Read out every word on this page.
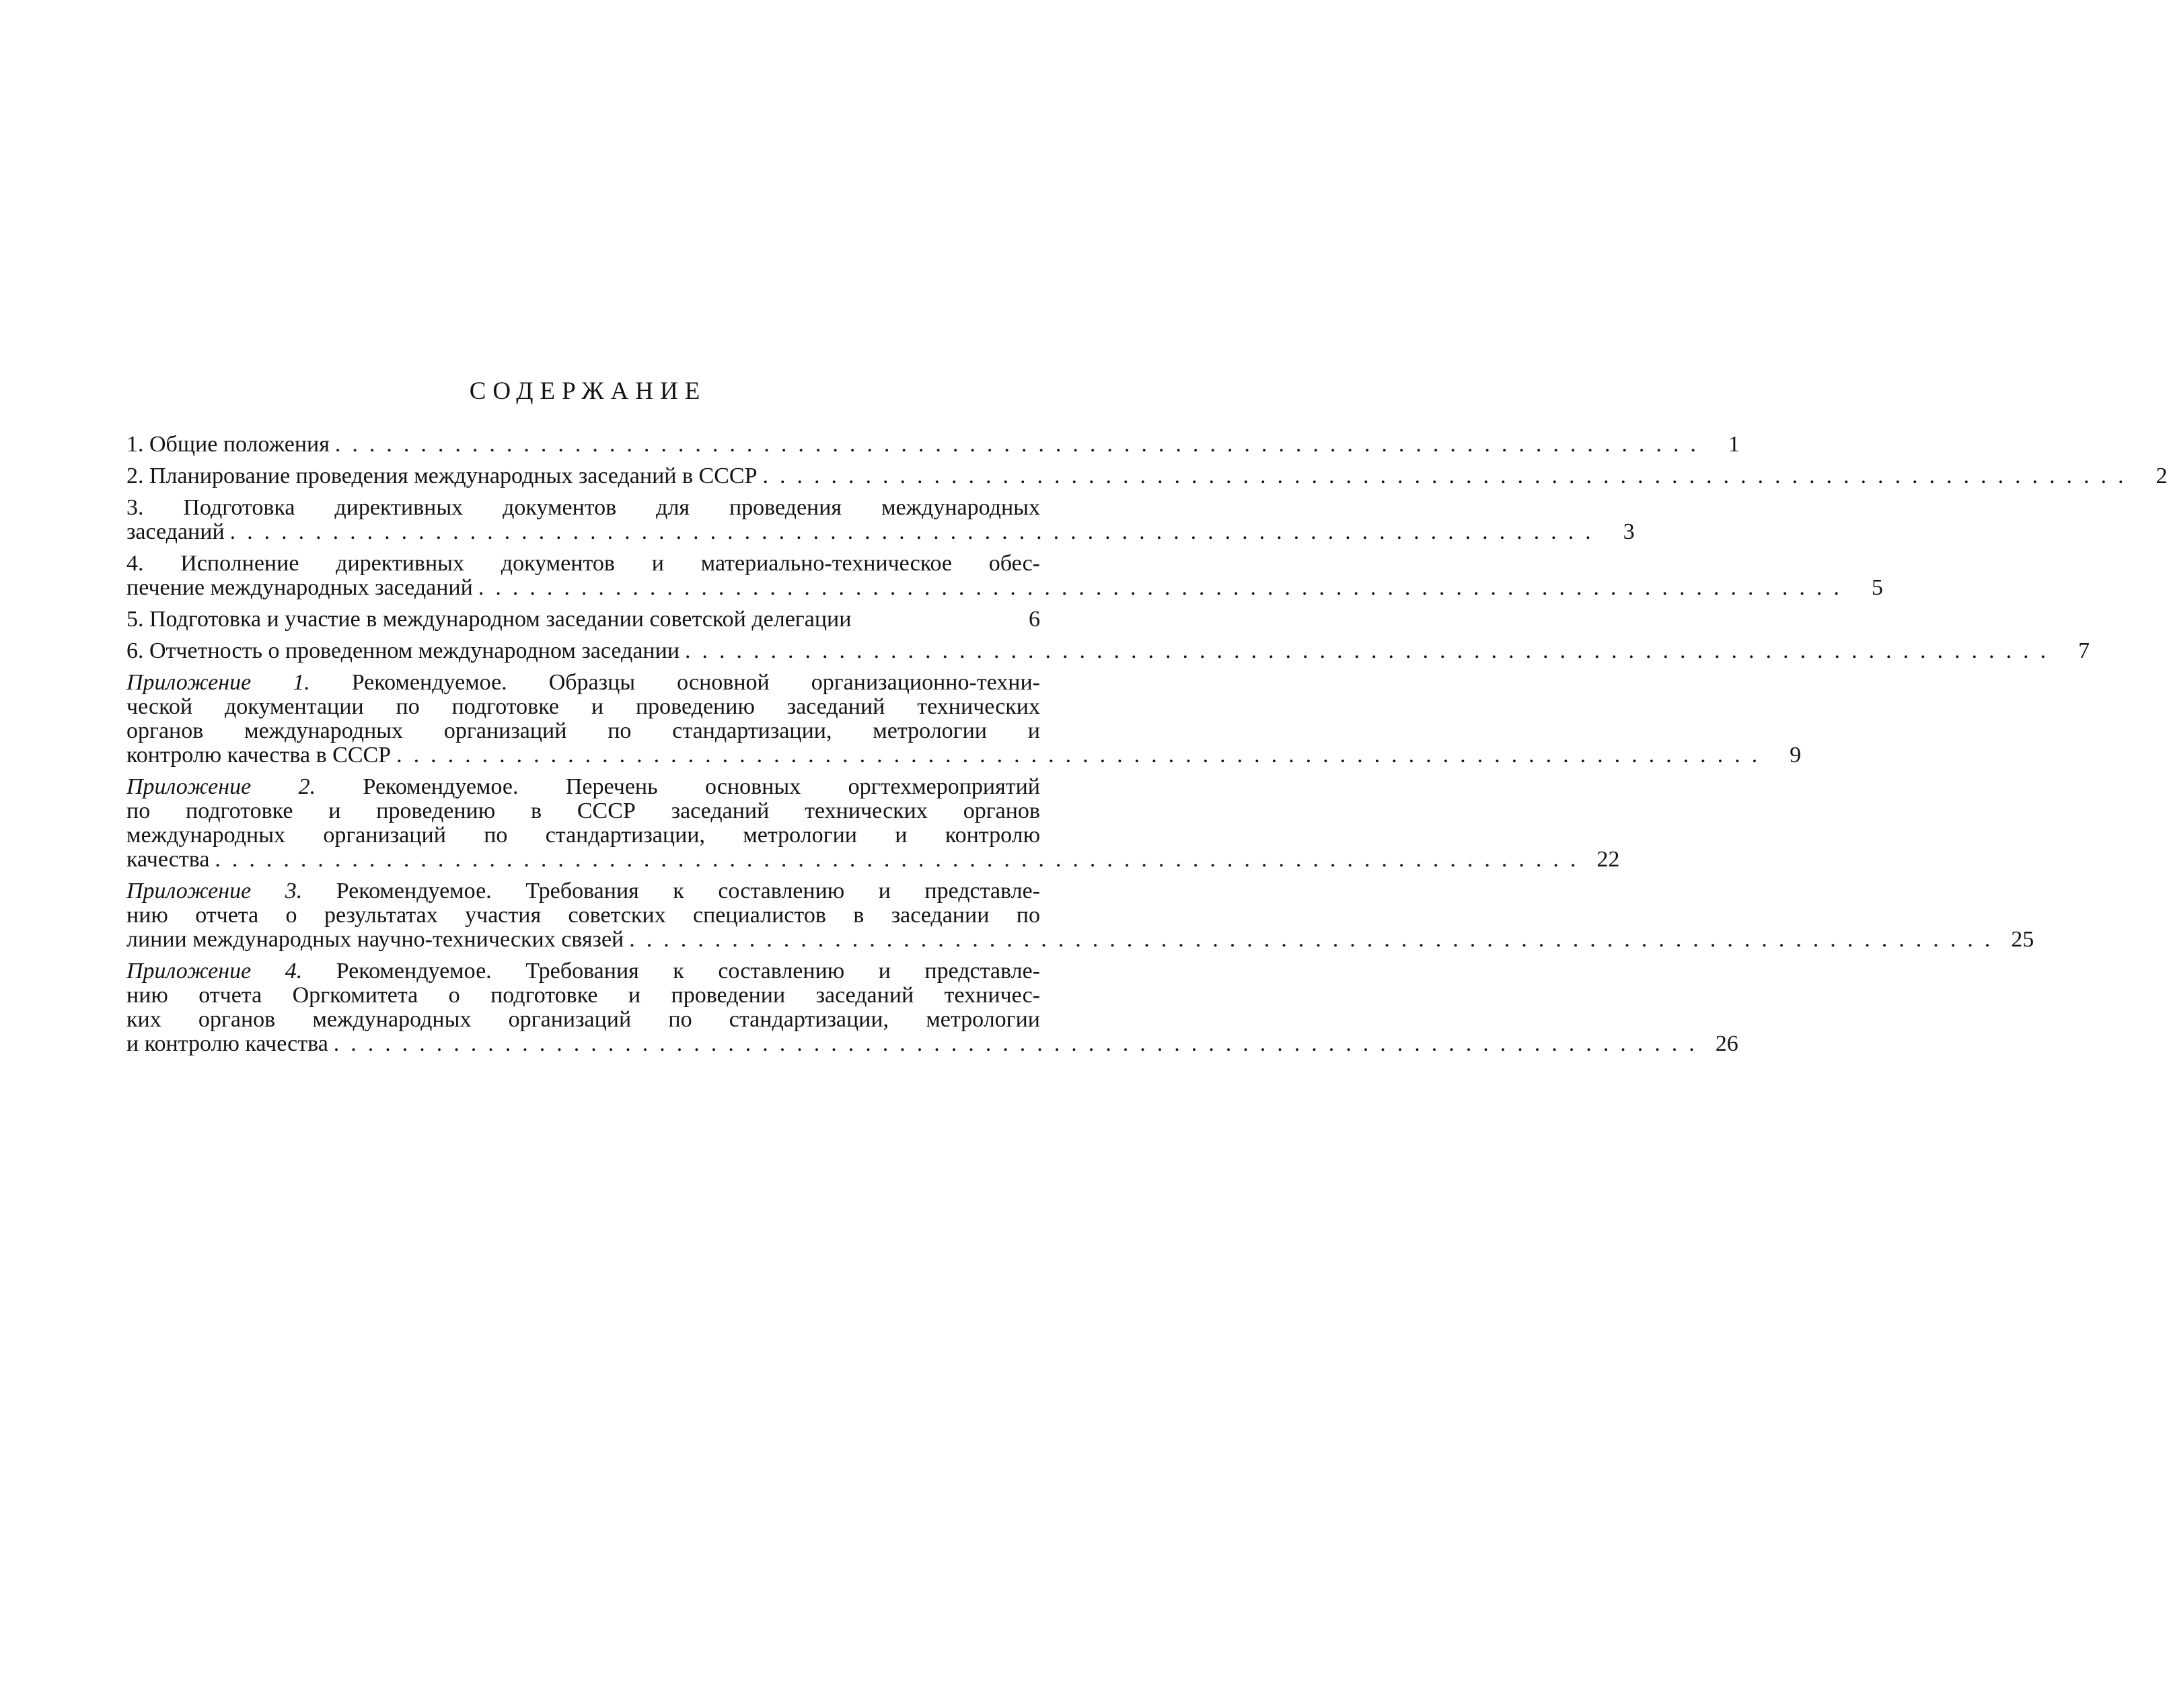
СОДЕРЖАНИЕ
1. Общие положения ................................................................................ 1
2. Планирование проведения международных заседаний в СССР ................................................................................ 2
3. Подготовка директивных документов для проведения международных
заседаний ................................................................................ 3
4. Исполнение директивных документов и материально-техническое обес-
печение международных заседаний ................................................................................ 5
5. Подготовка и участие в международном заседании советской делегации	6
6. Отчетность о проведенном международном заседании ................................................................................ 7
Приложение 1. Рекомендуемое. Образцы основной организационно-техни-
ческой документации по подготовке и проведению заседаний технических
органов международных организаций по стандартизации, метрологии и
контролю качества в СССР ................................................................................ 9
Приложение 2. Рекомендуемое. Перечень основных оргтехмероприятий
по подготовке и проведению в СССР заседаний технических органов
международных организаций по стандартизации, метрологии и контролю
качества ................................................................................ 22
Приложение 3. Рекомендуемое. Требования к составлению и представле-
нию отчета о результатах участия советских специалистов в заседании по
линии международных научно-технических связей ................................................................................ 25
Приложение 4. Рекомендуемое. Требования к составлению и представле-
нию отчета Оргкомитета о подготовке и проведении заседаний техничес-
ких органов международных организаций по стандартизации, метрологии
и контролю качества ................................................................................ 26
